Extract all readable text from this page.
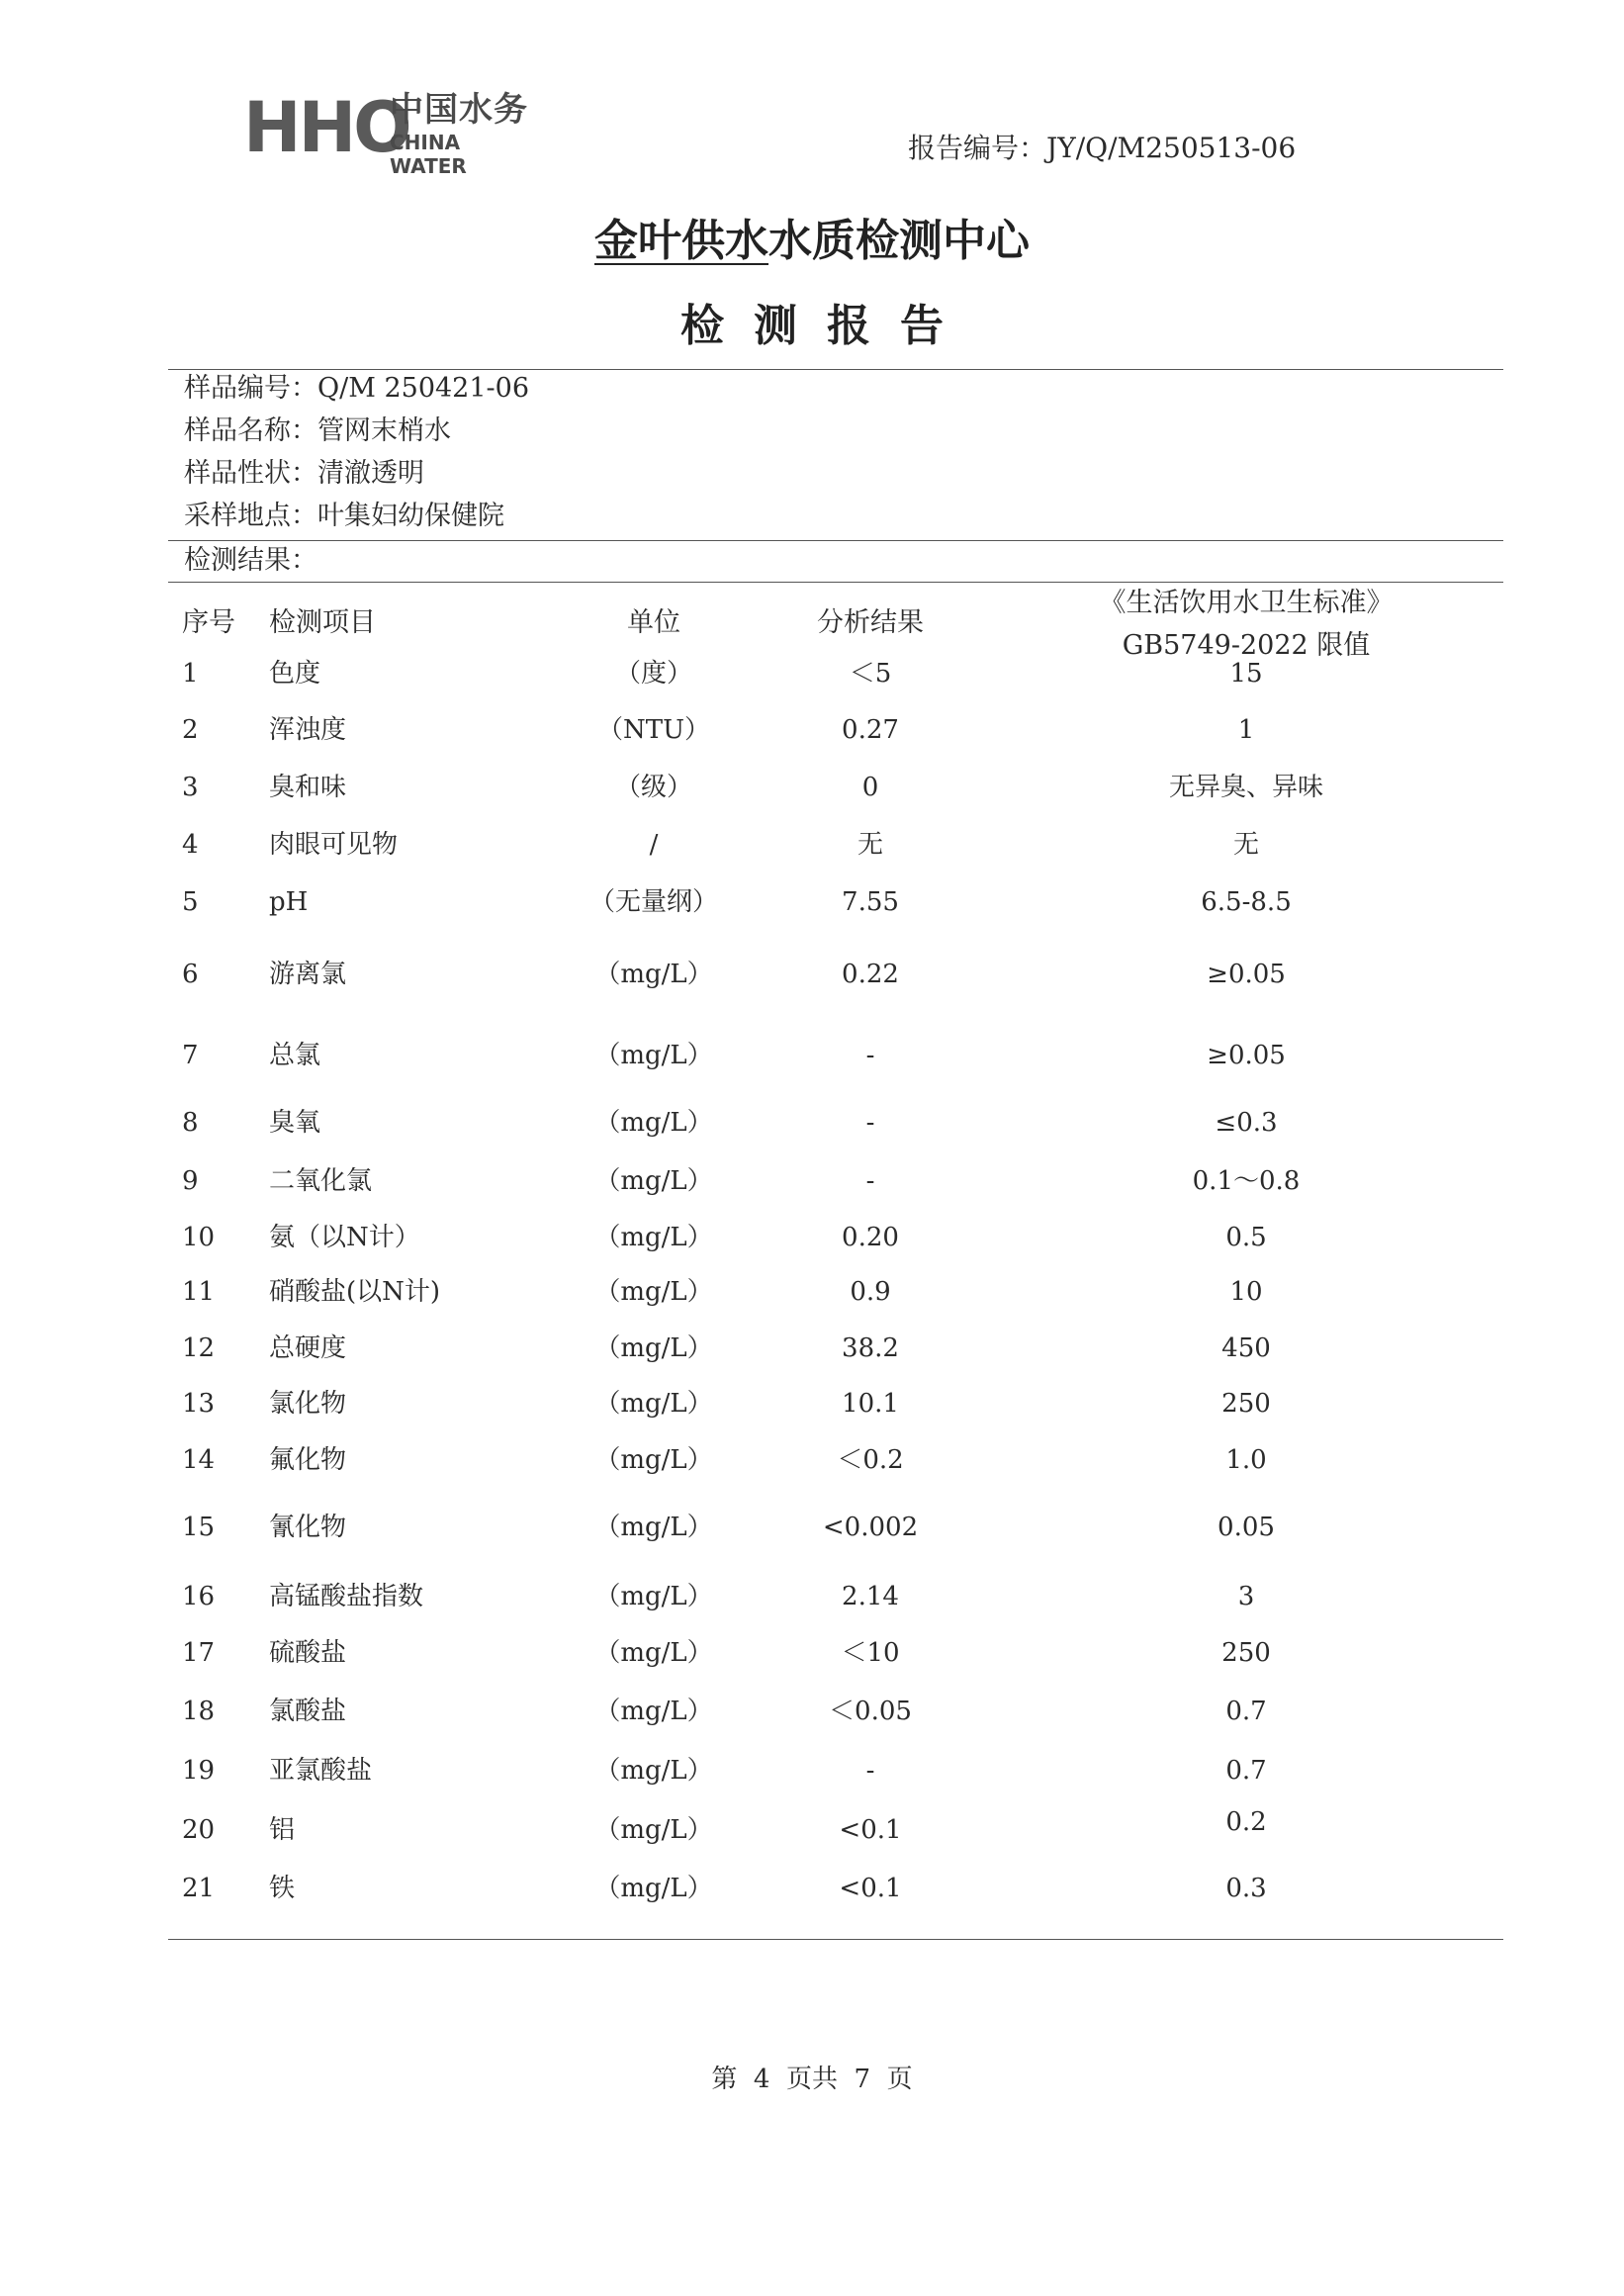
HHO
中国水务
CHINA WATER
报告编号：JY/Q/M250513-06
金叶供水水质检测中心
检测报告
样品编号：Q/M 250421-06
样品名称：管网末梢水
样品性状：清澈透明
采样地点：叶集妇幼保健院
检测结果：
序号 检测项目	单位	分析结果
《生活饮用水卫生标准》
GB5749-2022 限值
1	色度	（度）	＜5	15
2	浑浊度	（NTU）	0.27	1
3	臭和味	（级）	0	无异臭、异味
4	肉眼可见物	/	无	无
5	pH	（无量纲）	7.55	6.5-8.5
6	游离氯	（mg/L）	0.22	≥0.05
7	总氯	（mg/L）	-	≥0.05
8	臭氧	（mg/L）	-	≤0.3
9	二氧化氯	（mg/L）	-	0.1～0.8
10 氨（以N计）	（mg/L）	0.20	0.5
11 硝酸盐(以N计)	（mg/L）	0.9	10
12 总硬度	（mg/L）	38.2	450
13 氯化物	（mg/L）	10.1	250
14 氟化物	（mg/L）	＜0.2	1.0
15 氰化物	（mg/L）	<0.002	0.05
16 高锰酸盐指数	（mg/L）	2.14	3
17 硫酸盐	（mg/L）	＜10	250
18 氯酸盐	（mg/L）	＜0.05	0.7
19 亚氯酸盐	（mg/L）	-	0.7
20 铝	（mg/L）	<0.1	0.2
21 铁	（mg/L）	<0.1	0.3
第  4  页共  7  页
